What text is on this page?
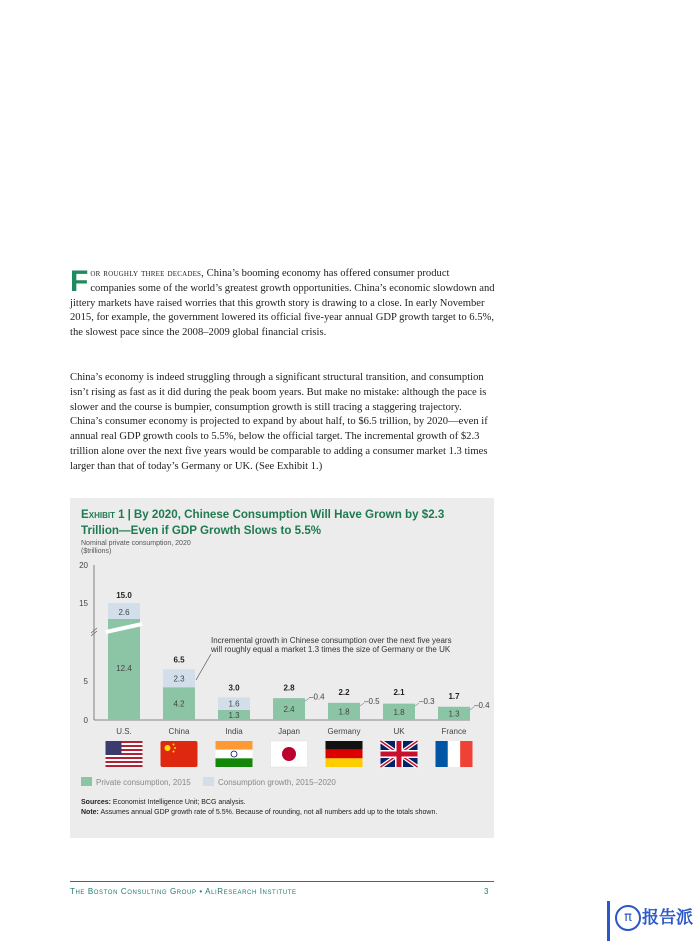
For roughly three decades, China’s booming economy has offered consumer product companies some of the world’s greatest growth opportunities. China’s economic slowdown and jittery markets have raised worries that this growth story is drawing to a close. In early November 2015, for example, the government lowered its official five-year annual GDP growth target to 6.5%, the slowest pace since the 2008–2009 global financial crisis.

China’s economy is indeed struggling through a significant structural transition, and consumption isn’t rising as fast as it did during the peak boom years. But make no mistake: although the pace is slower and the course is bumpier, consumption growth is still tracing a staggering trajectory. China’s consumer economy is projected to expand by about half, to $6.5 trillion, by 2020—even if annual real GDP growth cools to 5.5%, below the official target. The incremental growth of $2.3 trillion alone over the next five years would be comparable to adding a consumer market 1.3 times larger than that of today’s Germany or UK. (See Exhibit 1.)

Exhibit 1 | By 2020, Chinese Consumption Will Have Grown by $2.3 Trillion—Even if GDP Growth Slows to 5.5%

Nominal private consumption, 2020
($trillions)
0
5
15
20
12.4
2.6
15.0
U.S.
4.2
2.3
6.5
China
1.3
1.6
3.0
India
2.4
–0.4
2.8
Japan
1.8
–0.5
2.2
Germany
1.8
–0.3
2.1
UK
1.3
–0.4
1.7
France
Incremental growth in Chinese consumption over the next five years
will roughly equal a market 1.3 times the size of Germany or the UK
Private consumption, 2015	Consumption growth, 2015–2020
Sources: Economist Intelligence Unit; BCG analysis.
Note: Assumes annual GDP growth rate of 5.5%. Because of rounding, not all numbers add up to the totals shown.
The Boston Consulting Group • AliResearch Institute	3
π 报告派
